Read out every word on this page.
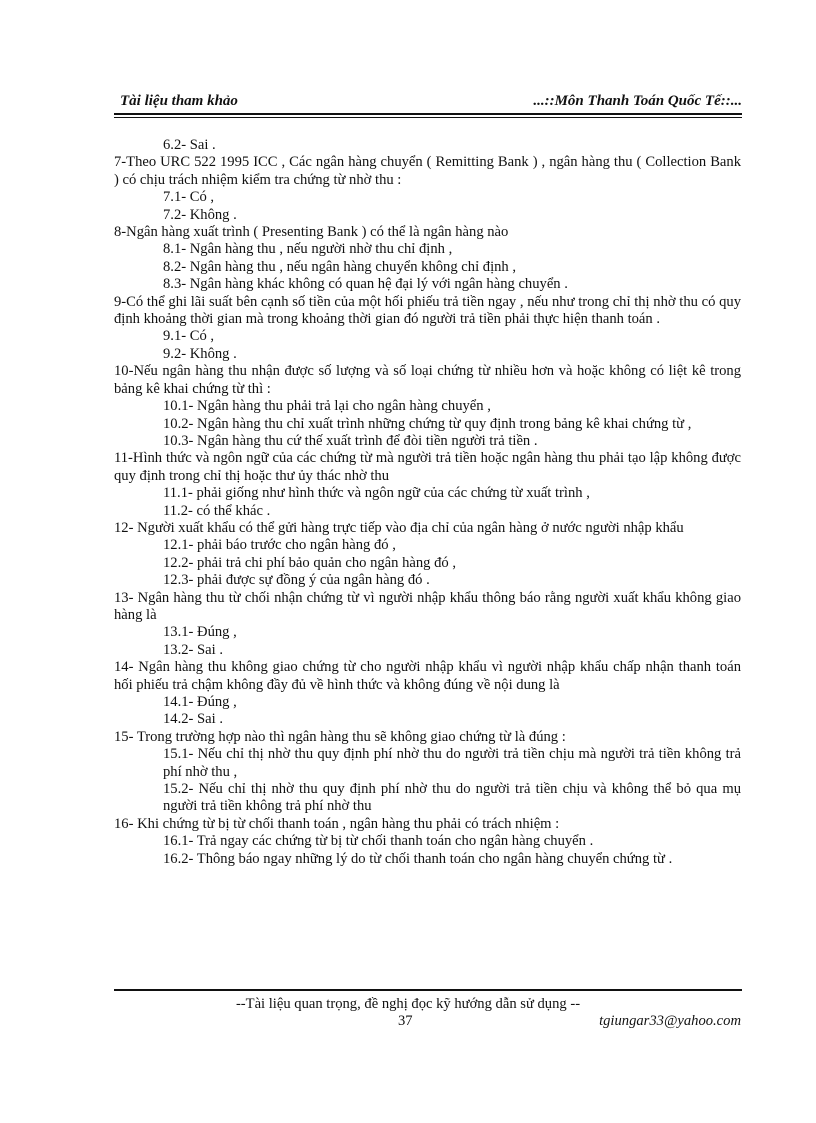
Tài liệu tham khảo	...::Môn Thanh Toán Quốc Tế::...

6.2- Sai .

7-Theo URC 522 1995 ICC , Các ngân hàng chuyển ( Remitting Bank ) , ngân hàng thu ( Collection Bank ) có chịu trách nhiệm kiểm tra chứng từ nhờ thu :

7.1- Có ,

7.2- Không .

8-Ngân hàng xuất trình ( Presenting Bank ) có thể là ngân hàng nào

8.1- Ngân hàng thu , nếu người nhờ thu chỉ định ,

8.2- Ngân hàng thu , nếu ngân hàng chuyển không chỉ định ,

8.3- Ngân hàng khác không có quan hệ đại lý với ngân hàng chuyển .

9-Có thể ghi lãi suất bên cạnh số tiền của một hối phiếu trả tiền ngay , nếu như trong chỉ thị nhờ thu có quy định khoảng thời gian mà trong khoảng thời gian đó người trả tiền phải thực hiện thanh toán .

9.1- Có ,

9.2- Không .

10-Nếu ngân hàng thu nhận được số lượng và số loại chứng từ nhiều hơn và hoặc không có liệt kê trong bảng kê khai chứng từ thì :

10.1- Ngân hàng thu phải trả lại cho ngân hàng chuyển ,

10.2- Ngân hàng thu chỉ xuất trình những chứng từ quy định trong bảng kê khai chứng từ ,

10.3- Ngân hàng thu cứ thế xuất trình để đòi tiền người trả tiền .

11-Hình thức và ngôn ngữ của các chứng từ mà người trả tiền hoặc ngân hàng thu phải tạo lập không được quy định trong chỉ thị hoặc thư ủy thác nhờ thu

11.1- phải giống như hình thức và ngôn ngữ của các chứng từ xuất trình ,

11.2- có thể khác .

12- Người xuất khẩu có thể gửi hàng trực tiếp vào địa chỉ của ngân hàng ở nước người nhập khẩu

12.1- phải báo trước cho ngân hàng đó ,

12.2- phải trả chi phí bảo quản cho ngân hàng đó ,

12.3- phải được sự đồng ý của ngân hàng đó .

13- Ngân hàng thu từ chối nhận chứng từ vì người nhập khẩu thông báo rằng người xuất khẩu không giao hàng là

13.1- Đúng ,

13.2- Sai .

14- Ngân hàng thu không giao chứng từ cho người nhập khẩu vì người nhập khẩu chấp nhận thanh toán hối phiếu trả chậm không đầy đủ về hình thức và không đúng về nội dung là

14.1- Đúng ,

14.2- Sai .

15- Trong trường hợp nào thì ngân hàng thu sẽ không giao chứng từ là đúng :

15.1- Nếu chỉ thị nhờ thu quy định phí nhờ thu do người trả tiền chịu mà người trả tiền không trả phí nhờ thu ,

15.2- Nếu chỉ thị nhờ thu quy định phí nhờ thu do người trả tiền chịu và không thể bỏ qua mụ người trả tiền không trả phí nhờ thu

16- Khi chứng từ bị từ chối thanh toán , ngân hàng thu phải có trách nhiệm :

16.1- Trả ngay các chứng từ bị từ chối thanh toán cho ngân hàng chuyển .

16.2- Thông báo ngay những lý do từ chối thanh toán cho ngân hàng chuyển chứng từ .

--Tài liệu quan trọng, đề nghị đọc kỹ hướng dẫn sử dụng --
37	tgiungar33@yahoo.com
